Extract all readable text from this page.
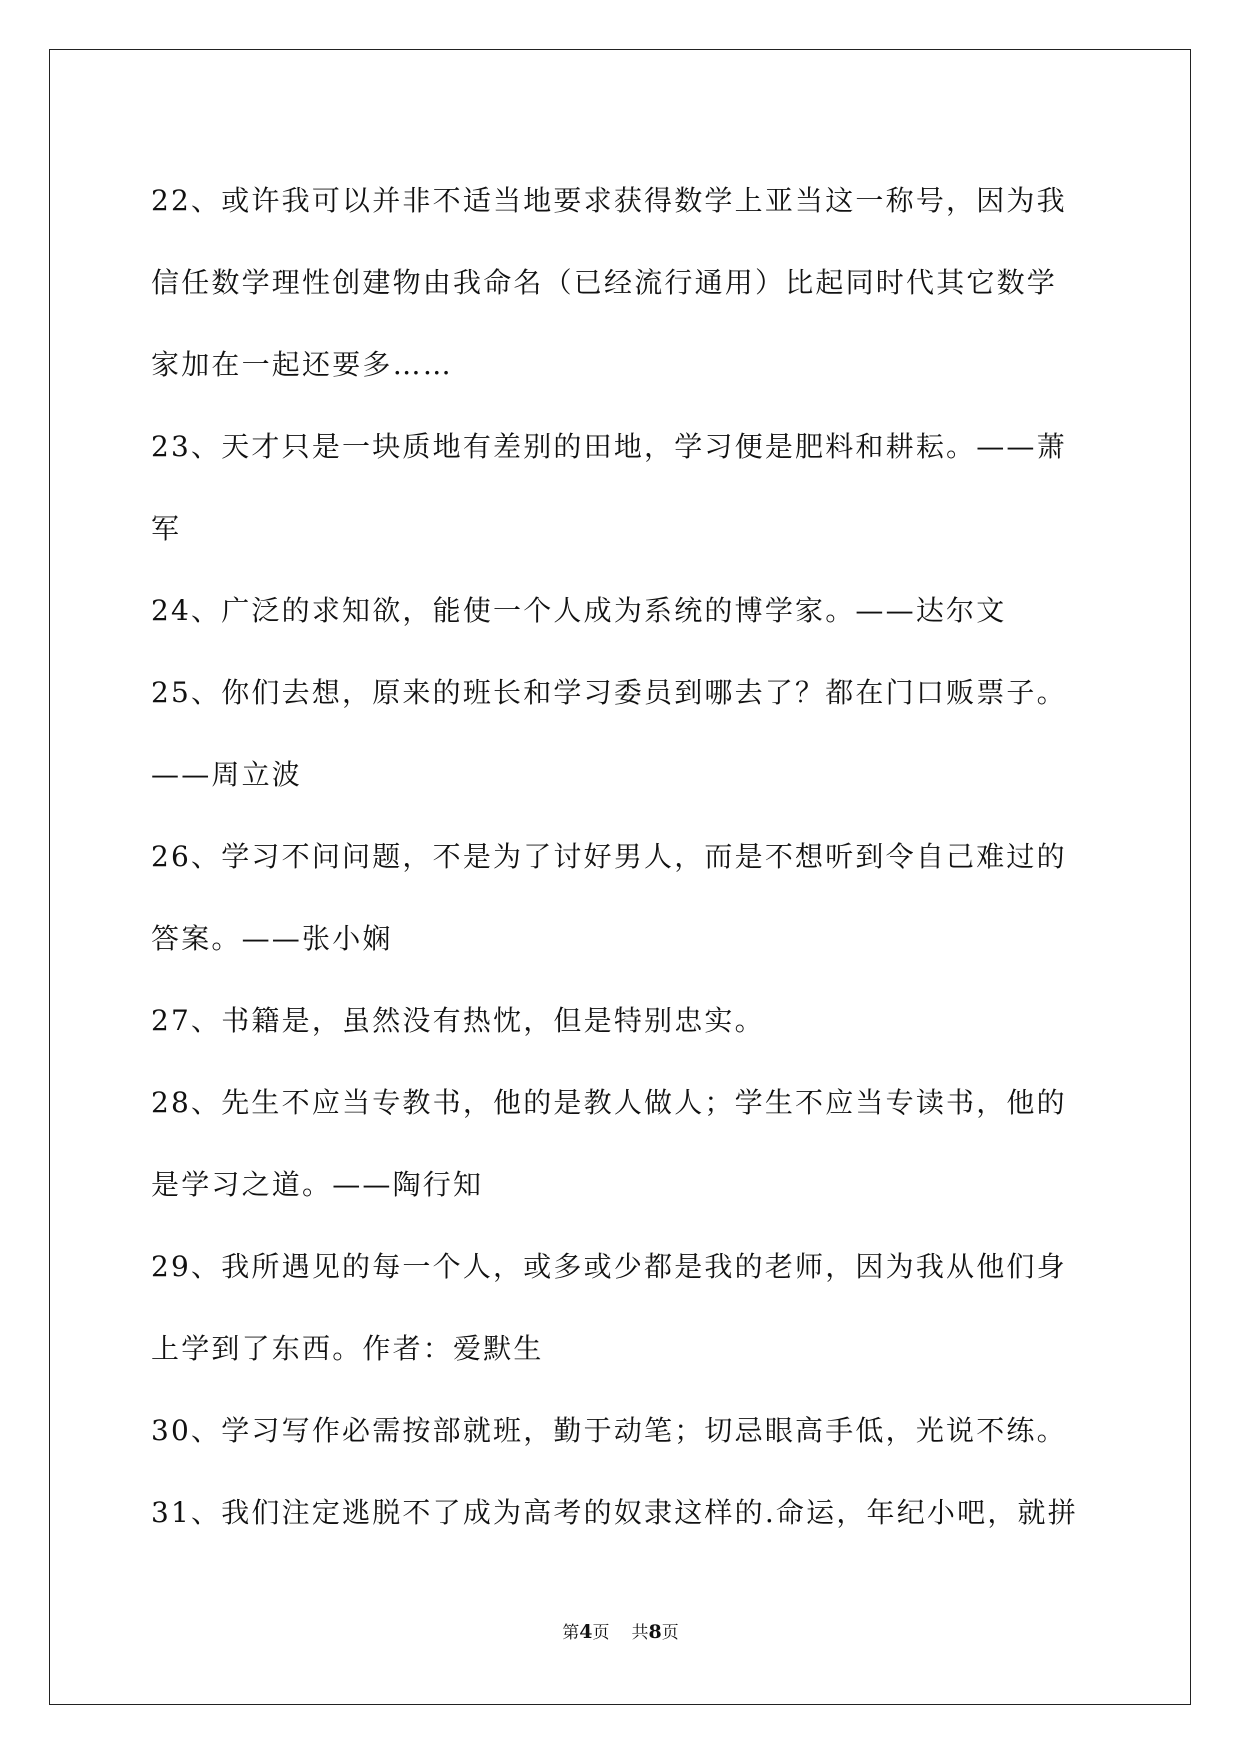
22、或许我可以并非不适当地要求获得数学上亚当这一称号，因为我
信任数学理性创建物由我命名（已经流行通用）比起同时代其它数学
家加在一起还要多……
23、天才只是一块质地有差别的田地，学习便是肥料和耕耘。——萧
军
24、广泛的求知欲，能使一个人成为系统的博学家。——达尔文
25、你们去想，原来的班长和学习委员到哪去了？都在门口贩票子。
——周立波
26、学习不问问题，不是为了讨好男人，而是不想听到令自己难过的
答案。——张小娴
27、书籍是，虽然没有热忱，但是特别忠实。
28、先生不应当专教书，他的是教人做人；学生不应当专读书，他的
是学习之道。——陶行知
29、我所遇见的每一个人，或多或少都是我的老师，因为我从他们身
上学到了东西。作者：爱默生
30、学习写作必需按部就班，勤于动笔；切忌眼高手低，光说不练。
31、我们注定逃脱不了成为高考的奴隶这样的.命运，年纪小吧，就拼
第4页 共8页
